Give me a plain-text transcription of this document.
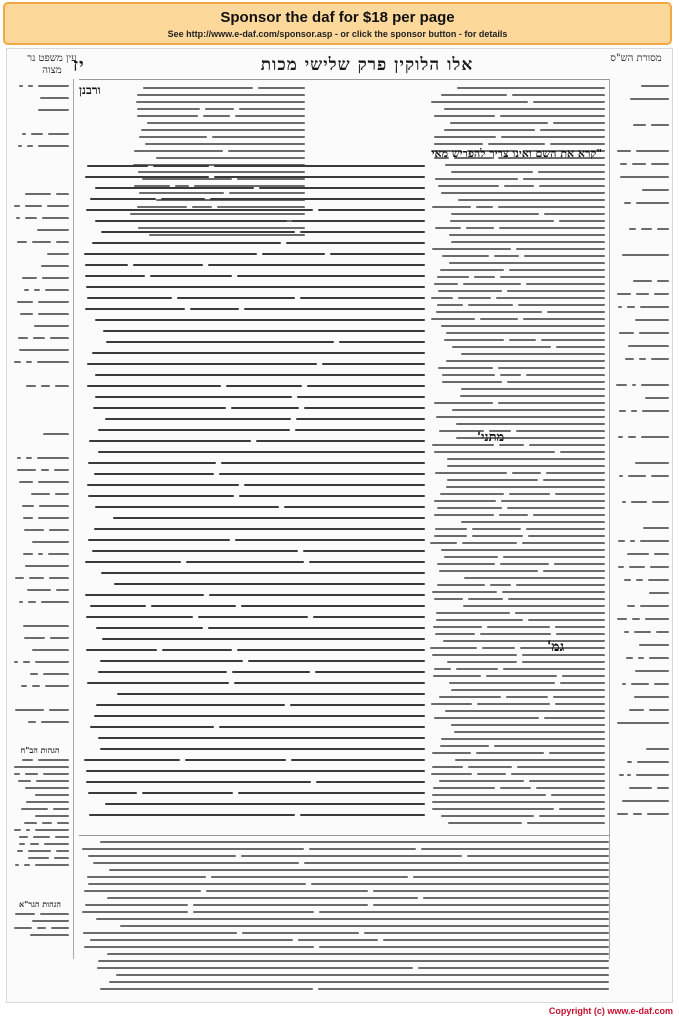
Sponsor the daf for $18 per page
See http://www.e-daf.com/sponsor.asp - or click the sponsor button - for details
עין משפט נר מצוה יז	אלו הלוקין פרק שלישי מכות	מסורת הש"ס
ורבנן
"קרא את השם ואינו צריך להפריש מאי
מתני'
גמ'
הגהות הב"ח
הגהות הגר"א
Copyright (c) www.e-daf.com
